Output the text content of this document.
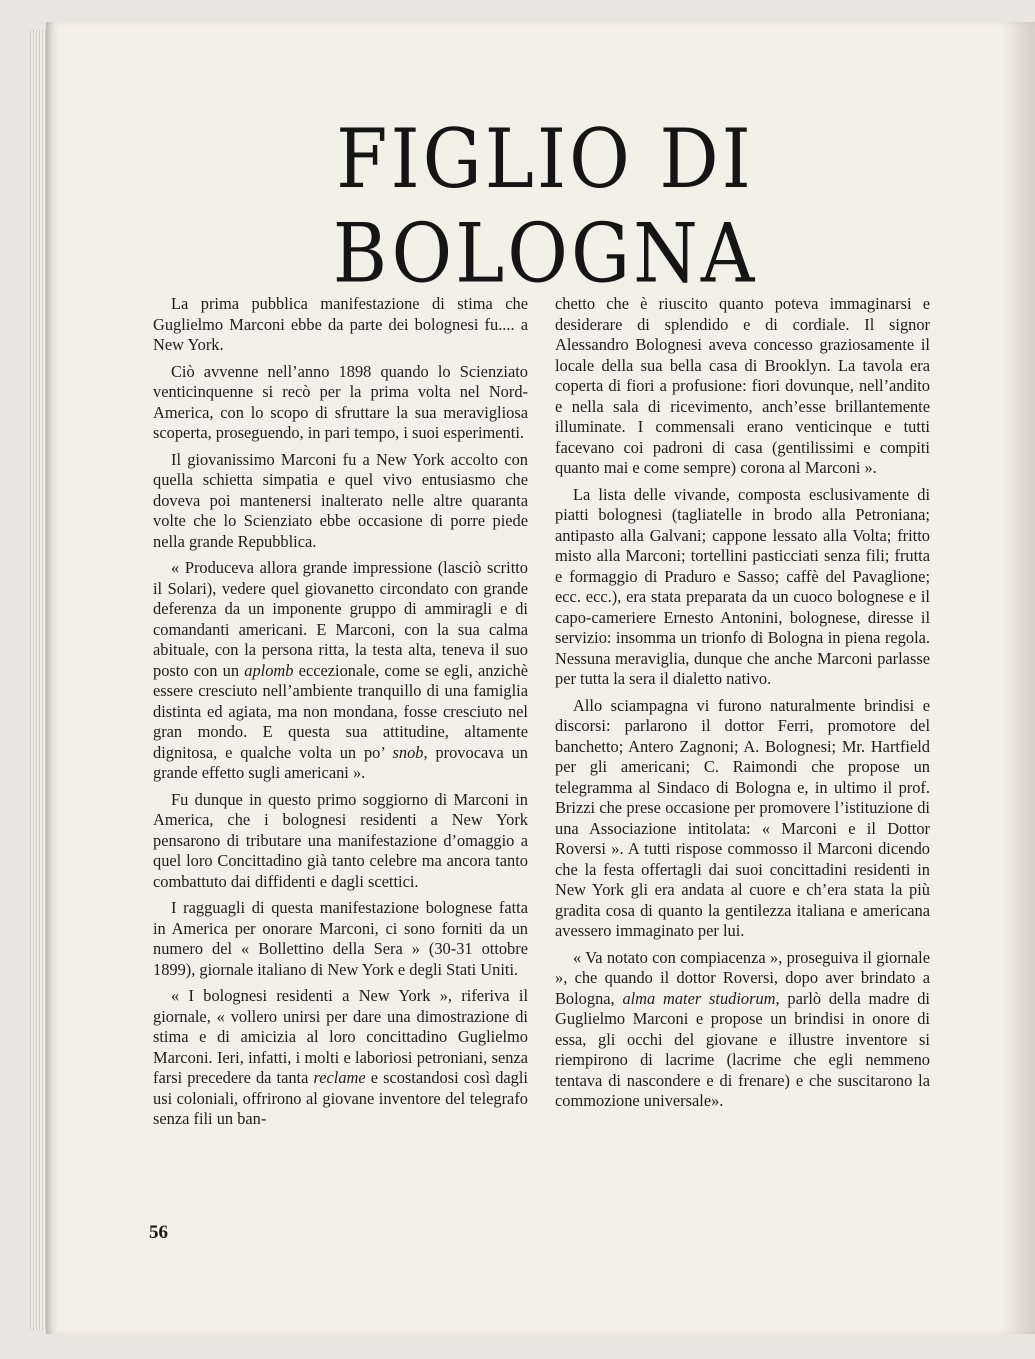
FIGLIO DI BOLOGNA

La prima pubblica manifestazione di stima che Guglielmo Marconi ebbe da parte dei bolognesi fu.... a New York.

Ciò avvenne nell’anno 1898 quando lo Scienziato venticinquenne si recò per la prima volta nel Nord-America, con lo scopo di sfruttare la sua meravigliosa scoperta, proseguendo, in pari tempo, i suoi esperimenti.

Il giovanissimo Marconi fu a New York accolto con quella schietta simpatia e quel vivo entusiasmo che doveva poi mantenersi inalterato nelle altre quaranta volte che lo Scienziato ebbe occasione di porre piede nella grande Repubblica.

« Produceva allora grande impressione (lasciò scritto il Solari), vedere quel giovanetto circondato con grande deferenza da un imponente gruppo di ammiragli e di comandanti americani. E Marconi, con la sua calma abituale, con la persona ritta, la testa alta, teneva il suo posto con un aplomb eccezionale, come se egli, anzichè essere cresciuto nell’ambiente tranquillo di una famiglia distinta ed agiata, ma non mondana, fosse cresciuto nel gran mondo. E questa sua attitudine, altamente dignitosa, e qualche volta un po’ snob, provocava un grande effetto sugli americani ».

Fu dunque in questo primo soggiorno di Marconi in America, che i bolognesi residenti a New York pensarono di tributare una manifestazione d’omaggio a quel loro Concittadino già tanto celebre ma ancora tanto combattuto dai diffidenti e dagli scettici.

I ragguagli di questa manifestazione bolognese fatta in America per onorare Marconi, ci sono forniti da un numero del « Bollettino della Sera » (30-31 ottobre 1899), giornale italiano di New York e degli Stati Uniti.

« I bolognesi residenti a New York », riferiva il giornale, « vollero unirsi per dare una dimostrazione di stima e di amicizia al loro concittadino Guglielmo Marconi. Ieri, infatti, i molti e laboriosi petroniani, senza farsi precedere da tanta reclame e scostandosi così dagli usi coloniali, offrirono al giovane inventore del telegrafo senza fili un ban-

chetto che è riuscito quanto poteva immaginarsi e desiderare di splendido e di cordiale. Il signor Alessandro Bolognesi aveva concesso graziosamente il locale della sua bella casa di Brooklyn. La tavola era coperta di fiori a profusione: fiori dovunque, nell’andito e nella sala di ricevimento, anch’esse brillantemente illuminate. I commensali erano venticinque e tutti facevano coi padroni di casa (gentilissimi e compiti quanto mai e come sempre) corona al Marconi ».

La lista delle vivande, composta esclusivamente di piatti bolognesi (tagliatelle in brodo alla Petroniana; antipasto alla Galvani; cappone lessato alla Volta; fritto misto alla Marconi; tortellini pasticciati senza fili; frutta e formaggio di Praduro e Sasso; caffè del Pavaglione; ecc. ecc.), era stata preparata da un cuoco bolognese e il capo-cameriere Ernesto Antonini, bolognese, diresse il servizio: insomma un trionfo di Bologna in piena regola. Nessuna meraviglia, dunque che anche Marconi parlasse per tutta la sera il dialetto nativo.

Allo sciampagna vi furono naturalmente brindisi e discorsi: parlarono il dottor Ferri, promotore del banchetto; Antero Zagnoni; A. Bolognesi; Mr. Hartfield per gli americani; C. Raimondi che propose un telegramma al Sindaco di Bologna e, in ultimo il prof. Brizzi che prese occasione per promovere l’istituzione di una Associazione intitolata: « Marconi e il Dottor Roversi ». A tutti rispose commosso il Marconi dicendo che la festa offertagli dai suoi concittadini residenti in New York gli era andata al cuore e ch’era stata la più gradita cosa di quanto la gentilezza italiana e americana avessero immaginato per lui.

« Va notato con compiacenza », proseguiva il giornale », che quando il dottor Roversi, dopo aver brindato a Bologna, alma mater studiorum, parlò della madre di Guglielmo Marconi e propose un brindisi in onore di essa, gli occhi del giovane e illustre inventore si riempirono di lacrime (lacrime che egli nemmeno tentava di nascondere e di frenare) e che suscitarono la commozione universale».

56
